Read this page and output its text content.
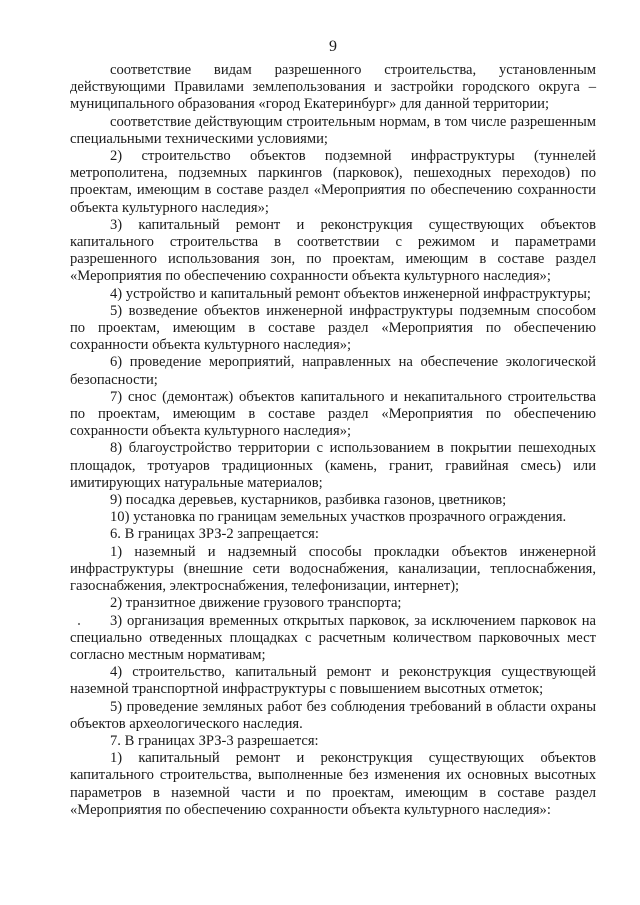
9

соответствие видам разрешенного строительства, установленным действующими Правилами землепользования и застройки городского округа – муниципального образования «город Екатеринбург» для данной территории;

соответствие действующим строительным нормам, в том числе разрешенным специальными техническими условиями;

2) строительство объектов подземной инфраструктуры (туннелей метрополитена, подземных паркингов (парковок), пешеходных переходов) по проектам, имеющим в составе раздел «Мероприятия по обеспечению сохранности объекта культурного наследия»;

3) капитальный ремонт и реконструкция существующих объектов капитального строительства в соответствии с режимом и параметрами разрешенного использования зон, по проектам, имеющим в составе раздел «Мероприятия по обеспечению сохранности объекта культурного наследия»;

4) устройство и капитальный ремонт объектов инженерной инфраструктуры;

5) возведение объектов инженерной инфраструктуры подземным способом по проектам, имеющим в составе раздел «Мероприятия по обеспечению сохранности объекта культурного наследия»;

6) проведение мероприятий, направленных на обеспечение экологической безопасности;

7) снос (демонтаж) объектов капитального и некапитального строительства по проектам, имеющим в составе раздел «Мероприятия по обеспечению сохранности объекта культурного наследия»;

8) благоустройство территории с использованием в покрытии пешеходных площадок, тротуаров традиционных (камень, гранит, гравийная смесь) или имитирующих натуральные материалов;

9) посадка деревьев, кустарников, разбивка газонов, цветников;

10) установка по границам земельных участков прозрачного ограждения.

6. В границах ЗРЗ-2 запрещается:

1) наземный и надземный способы прокладки объектов инженерной инфраструктуры (внешние сети водоснабжения, канализации, теплоснабжения, газоснабжения, электроснабжения, телефонизации, интернет);

2) транзитное движение грузового транспорта;

3) организация временных открытых парковок, за исключением парковок на специально отведенных площадках с расчетным количеством парковочных мест согласно местным нормативам;

4) строительство, капитальный ремонт и реконструкция существующей наземной транспортной инфраструктуры с повышением высотных отметок;

5) проведение земляных работ без соблюдения требований в области охраны объектов археологического наследия.

7. В границах ЗРЗ-3 разрешается:

1) капитальный ремонт и реконструкция существующих объектов капитального строительства, выполненные без изменения их основных высотных параметров в наземной части и по проектам, имеющим в составе раздел «Мероприятия по обеспечению сохранности объекта культурного наследия»:
